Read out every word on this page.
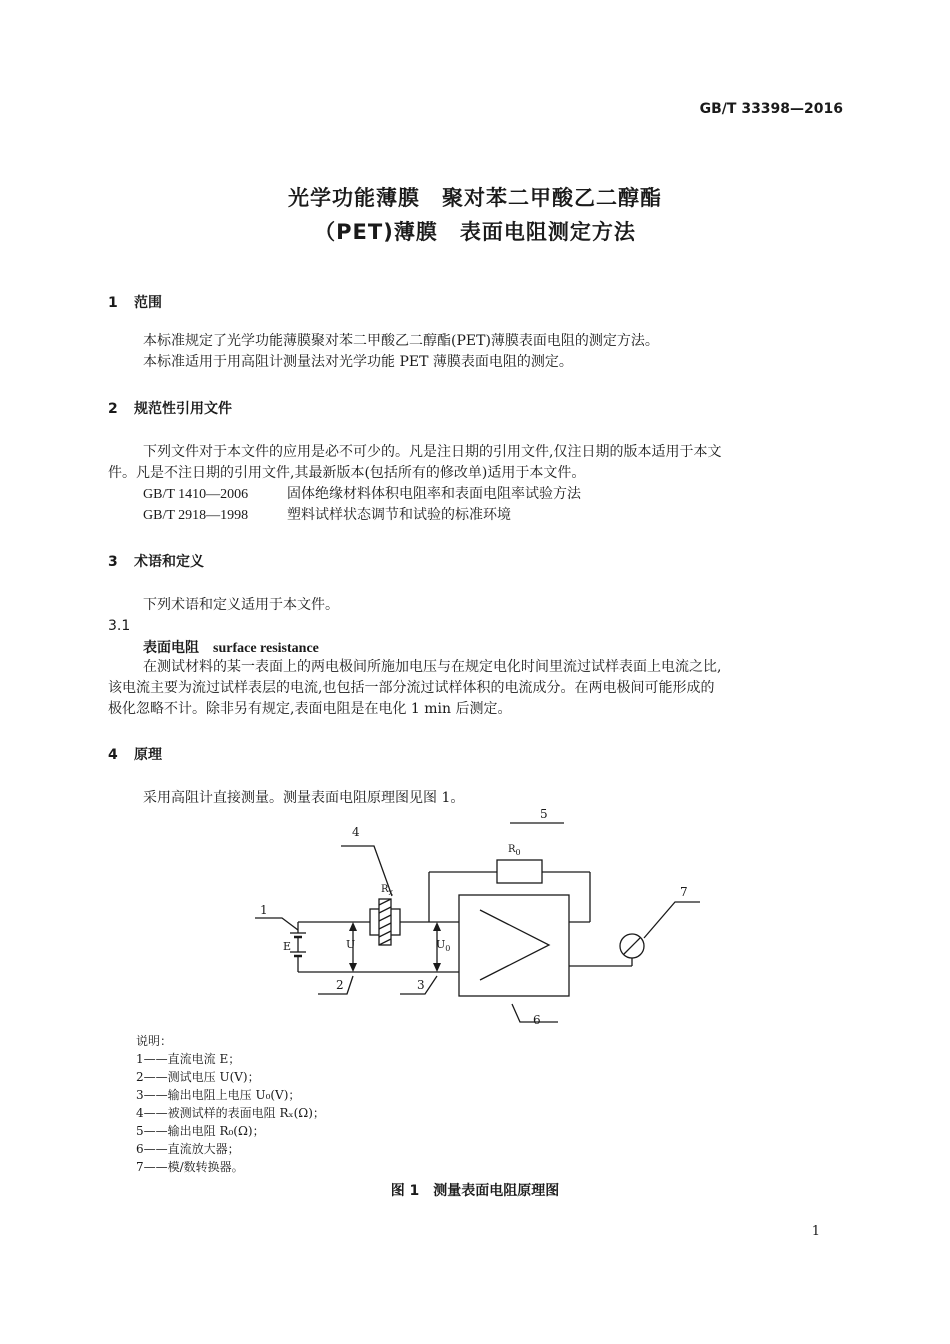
GB/T 33398—2016
光学功能薄膜　聚对苯二甲酸乙二醇酯
（PET)薄膜　表面电阻测定方法
1 范围
本标准规定了光学功能薄膜聚对苯二甲酸乙二醇酯(PET)薄膜表面电阻的测定方法。
本标准适用于用高阻计测量法对光学功能 PET 薄膜表面电阻的测定。
2 规范性引用文件
下列文件对于本文件的应用是必不可少的。凡是注日期的引用文件,仅注日期的版本适用于本文
件。凡是不注日期的引用文件,其最新版本(包括所有的修改单)适用于本文件。
GB/T 1410—2006	固体绝缘材料体积电阻率和表面电阻率试验方法
GB/T 2918—1998	塑料试样状态调节和试验的标准环境
3 术语和定义
下列术语和定义适用于本文件。
3.1
表面电阻 surface resistance
在测试材料的某一表面上的两电极间所施加电压与在规定电化时间里流过试样表面上电流之比,
该电流主要为流过试样表层的电流,也包括一部分流过试样体积的电流成分。在两电极间可能形成的
极化忽略不计。除非另有规定,表面电阻是在电化 1 min 后测定。
4 原理
采用高阻计直接测量。测量表面电阻原理图见图 1。
1
2	3
4
5
6
7
$R_x$
$R_0$
E	U	$U_0$
说明：
1——直流电流 E；
2——测试电压 U(V)；
3——输出电阻上电压 U₀(V)；
4——被测试样的表面电阻 Rₓ(Ω)；
5——输出电阻 R₀(Ω)；
6——直流放大器；
7——模/数转换器。
图 1　测量表面电阻原理图
1
